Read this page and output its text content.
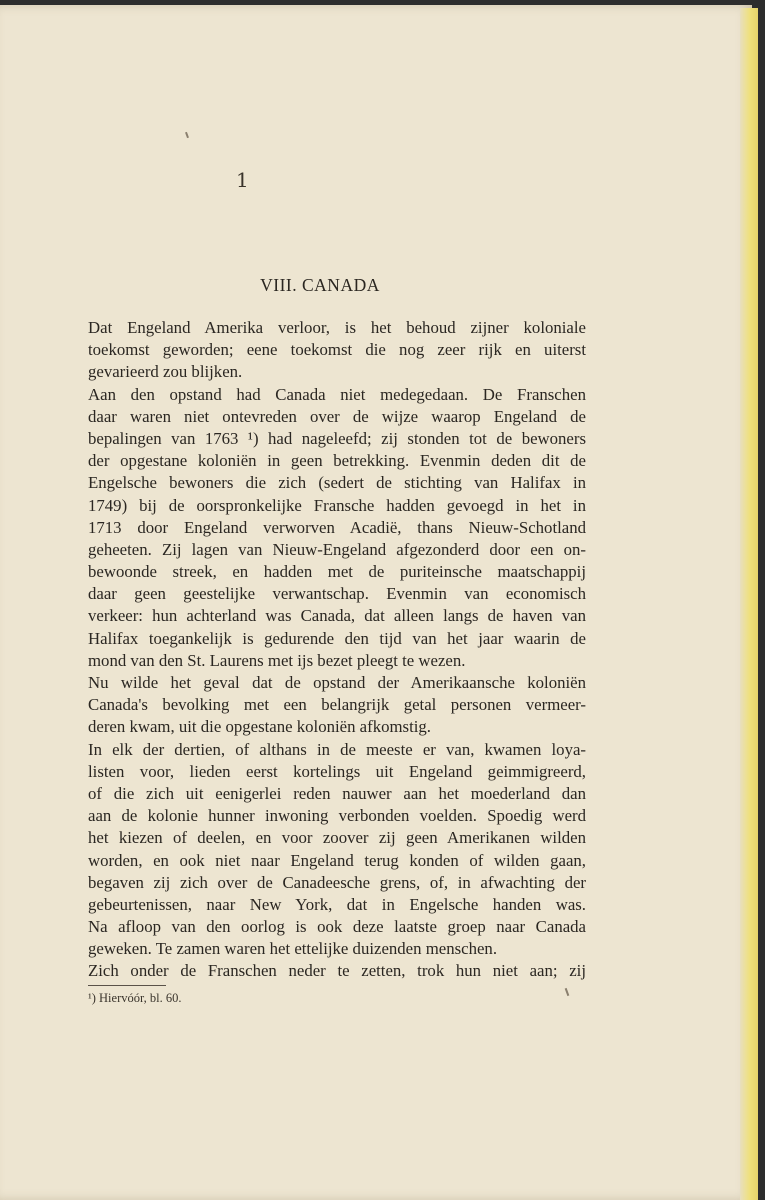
1
VIII. CANADA
Dat Engeland Amerika verloor, is het behoud zijner koloniale
toekomst geworden; eene toekomst die nog zeer rijk en uiterst
gevarieerd zou blijken.
Aan den opstand had Canada niet medegedaan. De Franschen
daar waren niet ontevreden over de wijze waarop Engeland de
bepalingen van 1763 ¹) had nageleefd; zij stonden tot de bewoners
der opgestane koloniën in geen betrekking. Evenmin deden dit de
Engelsche bewoners die zich (sedert de stichting van Halifax in
1749) bij de oorspronkelijke Fransche hadden gevoegd in het in
1713 door Engeland verworven Acadië, thans Nieuw-Schotland
geheeten. Zij lagen van Nieuw-Engeland afgezonderd door een on-
bewoonde streek, en hadden met de puriteinsche maatschappij
daar geen geestelijke verwantschap. Evenmin van economisch
verkeer: hun achterland was Canada, dat alleen langs de haven van
Halifax toegankelijk is gedurende den tijd van het jaar waarin de
mond van den St. Laurens met ijs bezet pleegt te wezen.
Nu wilde het geval dat de opstand der Amerikaansche koloniën
Canada's bevolking met een belangrijk getal personen vermeer-
deren kwam, uit die opgestane koloniën afkomstig.
In elk der dertien, of althans in de meeste er van, kwamen loya-
listen voor, lieden eerst kortelings uit Engeland geimmigreerd,
of die zich uit eenigerlei reden nauwer aan het moederland dan
aan de kolonie hunner inwoning verbonden voelden. Spoedig werd
het kiezen of deelen, en voor zoover zij geen Amerikanen wilden
worden, en ook niet naar Engeland terug konden of wilden gaan,
begaven zij zich over de Canadeesche grens, of, in afwachting der
gebeurtenissen, naar New York, dat in Engelsche handen was.
Na afloop van den oorlog is ook deze laatste groep naar Canada
geweken. Te zamen waren het ettelijke duizenden menschen.
Zich onder de Franschen neder te zetten, trok hun niet aan; zij
¹) Hiervóór, bl. 60.
